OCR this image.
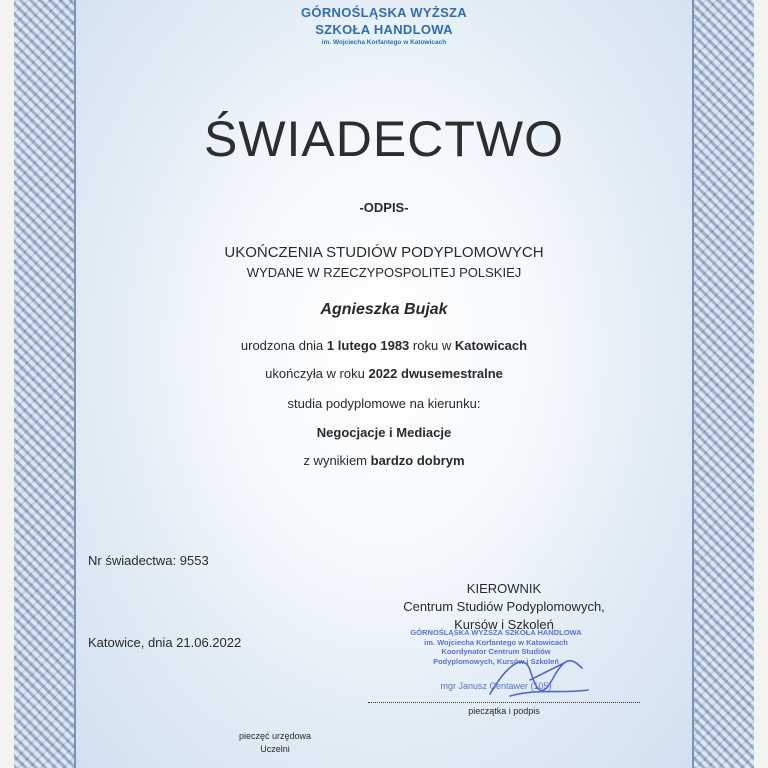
GÓRNOŚLĄSKA WYŻSZA
SZKOŁA HANDLOWA
im. Wojciecha Korfantego w Katowicach
ŚWIADECTWO
-ODPIS-
UKOŃCZENIA STUDIÓW PODYPLOMOWYCH
WYDANE W RZECZYPOSPOLITEJ POLSKIEJ
Agnieszka Bujak
urodzona dnia 1 lutego 1983 roku w Katowicach
ukończyła w roku 2022 dwusemestralne
studia podyplomowe na kierunku:
Negocjacje i Mediacje
z wynikiem bardzo dobrym
Nr świadectwa: 9553
Katowice, dnia 21.06.2022
KIEROWNIK
Centrum Studiów Podyplomowych,
Kursów i Szkoleń
GÓRNOŚLĄSKA WYŻSZA SZKOŁA HANDLOWA
im. Wojciecha Korfantego w Katowicach
Koordynator Centrum Studiów
Podyplomowych, Kursów i Szkoleń
mgr Janusz Centawer (105)
pieczątka i podpis
pieczęć urzędowa
Uczelni
